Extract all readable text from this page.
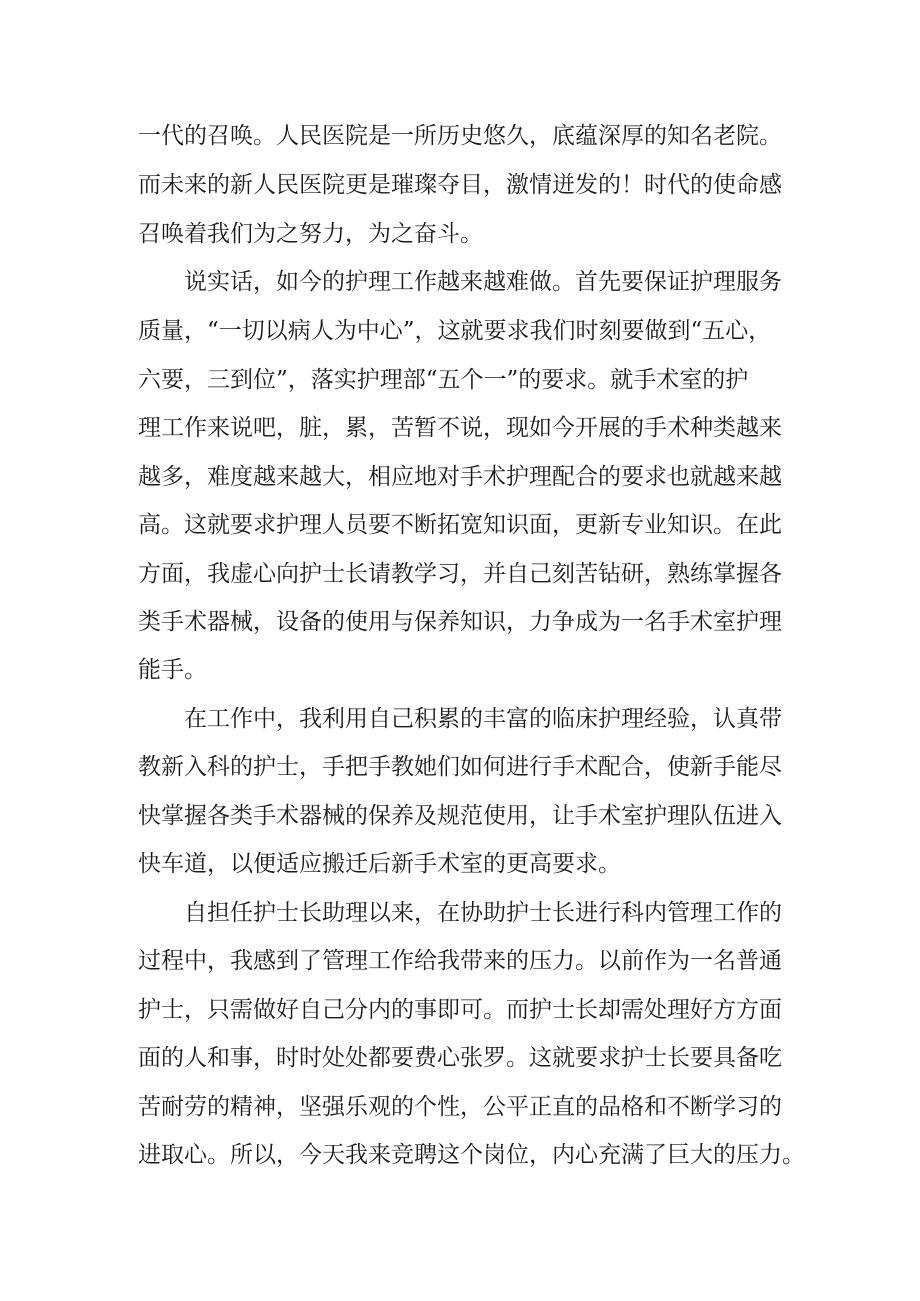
一代的召唤。人民医院是一所历史悠久，底蕴深厚的知名老院。

而未来的新人民医院更是璀璨夺目，激情迸发的！时代的使命感

召唤着我们为之努力，为之奋斗。

说实话，如今的护理工作越来越难做。首先要保证护理服务

质量，“一切以病人为中心”，这就要求我们时刻要做到“五心，

六要，三到位”，落实护理部“五个一”的要求。就手术室的护

理工作来说吧，脏，累，苦暂不说，现如今开展的手术种类越来

越多，难度越来越大，相应地对手术护理配合的要求也就越来越

高。这就要求护理人员要不断拓宽知识面，更新专业知识。在此

方面，我虚心向护士长请教学习，并自己刻苦钻研，熟练掌握各

类手术器械，设备的使用与保养知识，力争成为一名手术室护理

能手。

在工作中，我利用自己积累的丰富的临床护理经验，认真带

教新入科的护士，手把手教她们如何进行手术配合，使新手能尽

快掌握各类手术器械的保养及规范使用，让手术室护理队伍进入

快车道，以便适应搬迁后新手术室的更高要求。

自担任护士长助理以来，在协助护士长进行科内管理工作的

过程中，我感到了管理工作给我带来的压力。以前作为一名普通

护士，只需做好自己分内的事即可。而护士长却需处理好方方面

面的人和事，时时处处都要费心张罗。这就要求护士长要具备吃

苦耐劳的精神，坚强乐观的个性，公平正直的品格和不断学习的

进取心。所以，今天我来竞聘这个岗位，内心充满了巨大的压力。
